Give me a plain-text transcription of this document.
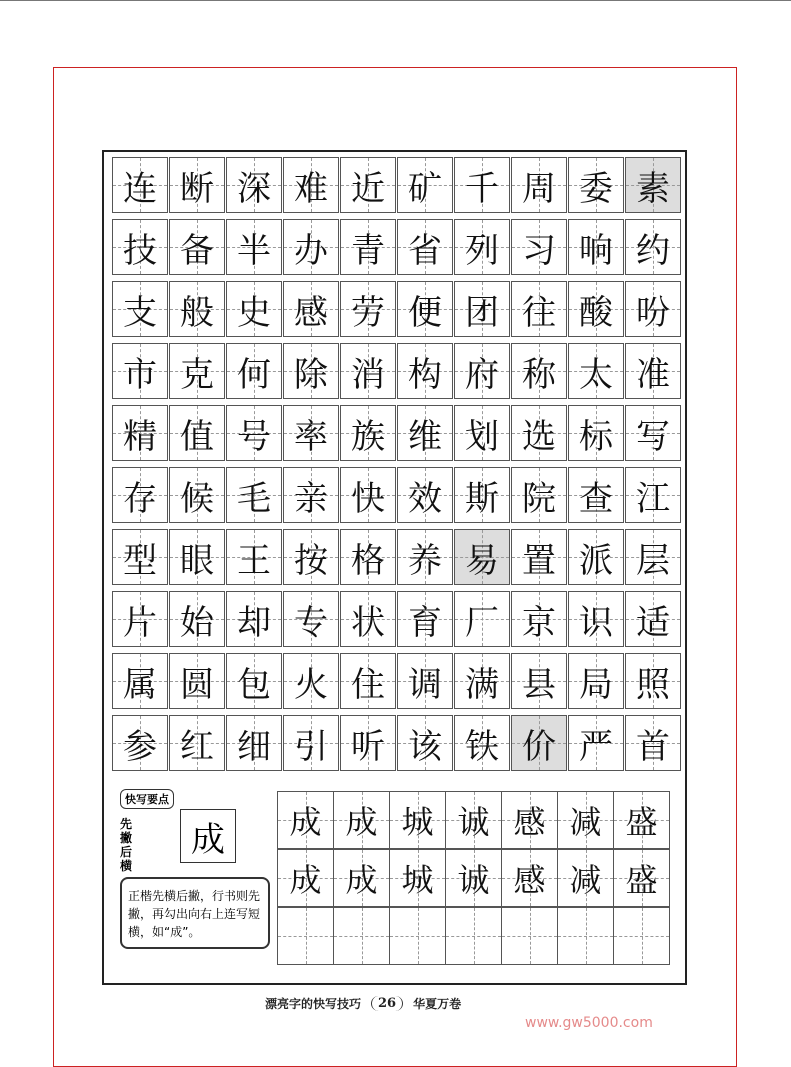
连 断 深 难 近 矿 千 周 委 素
技 备 半 办 青 省 列 习 响 约
支 般 史 感 劳 便 团 往 酸 吩
市 克 何 除 消 构 府 称 太 准
精 值 号 率 族 维 划 选 标 写
存 候 毛 亲 快 效 斯 院 查 江
型 眼 王 按 格 养 易 置 派 层
片 始 却 专 状 育 厂 京 识 适
属 圆 包 火 住 调 满 县 局 照
参 红 细 引 听 该 铁 价 严 首
快写要点
先撇后横
成
正楷先横后撇，行书则先撇，再勾出向右上连写短横，如“成”。
成 成 城 诚 感 减 盛
成 成 城 诚 感 减 盛
漂亮字的快写技巧	26	华夏万卷
www.gw5000.com
